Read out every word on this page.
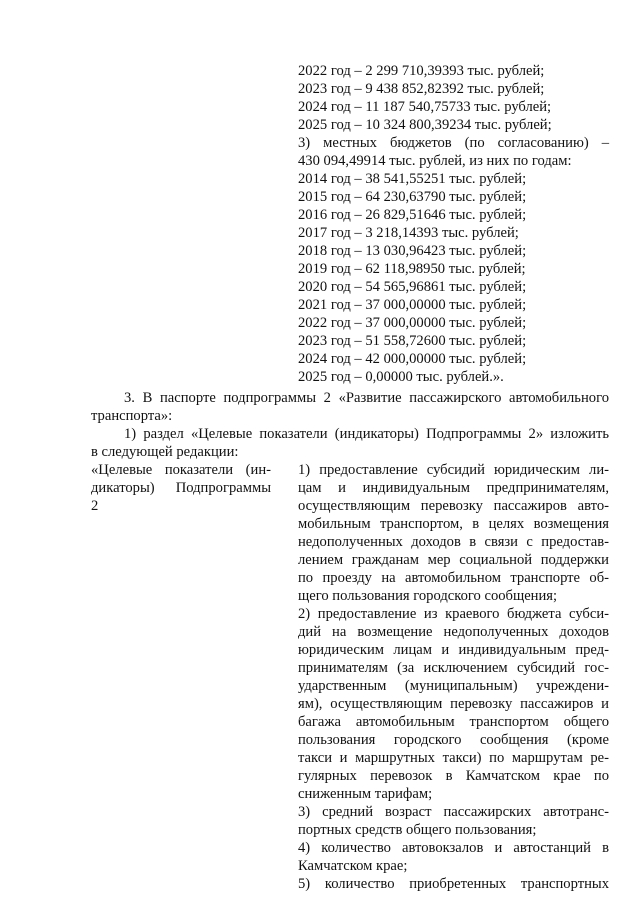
2022 год – 2 299 710,39393 тыс. рублей;
2023 год – 9 438 852,82392 тыс. рублей;
2024 год – 11 187 540,75733 тыс. рублей;
2025 год – 10 324 800,39234 тыс. рублей;
3) местных бюджетов (по согласованию) –
430 094,49914 тыс. рублей, из них по годам:
2014 год – 38 541,55251 тыс. рублей;
2015 год – 64 230,63790 тыс. рублей;
2016 год – 26 829,51646 тыс. рублей;
2017 год – 3 218,14393 тыс. рублей;
2018 год – 13 030,96423 тыс. рублей;
2019 год – 62 118,98950 тыс. рублей;
2020 год – 54 565,96861 тыс. рублей;
2021 год – 37 000,00000 тыс. рублей;
2022 год – 37 000,00000 тыс. рублей;
2023 год – 51 558,72600 тыс. рублей;
2024 год – 42 000,00000 тыс. рублей;
2025 год – 0,00000 тыс. рублей.».
3. В паспорте подпрограммы 2 «Развитие пассажирского автомобильного
транспорта»:
1) раздел «Целевые показатели (индикаторы) Подпрограммы 2» изложить
в следующей редакции:
«Целевые показатели (ин-
дикаторы) Подпрограммы
2
1) предоставление субсидий юридическим ли-
цам и индивидуальным предпринимателям,
осуществляющим перевозку пассажиров авто-
мобильным транспортом, в целях возмещения
недополученных доходов в связи с предостав-
лением гражданам мер социальной поддержки
по проезду на автомобильном транспорте об-
щего пользования городского сообщения;
2) предоставление из краевого бюджета субси-
дий на возмещение недополученных доходов
юридическим лицам и индивидуальным пред-
принимателям (за исключением субсидий гос-
ударственным (муниципальным) учреждени-
ям), осуществляющим перевозку пассажиров и
багажа автомобильным транспортом общего
пользования городского сообщения (кроме
такси и маршрутных такси) по маршрутам ре-
гулярных перевозок в Камчатском крае по
сниженным тарифам;
3) средний возраст пассажирских автотранс-
портных средств общего пользования;
4) количество автовокзалов и автостанций в
Камчатском крае;
5) количество приобретенных транспортных
